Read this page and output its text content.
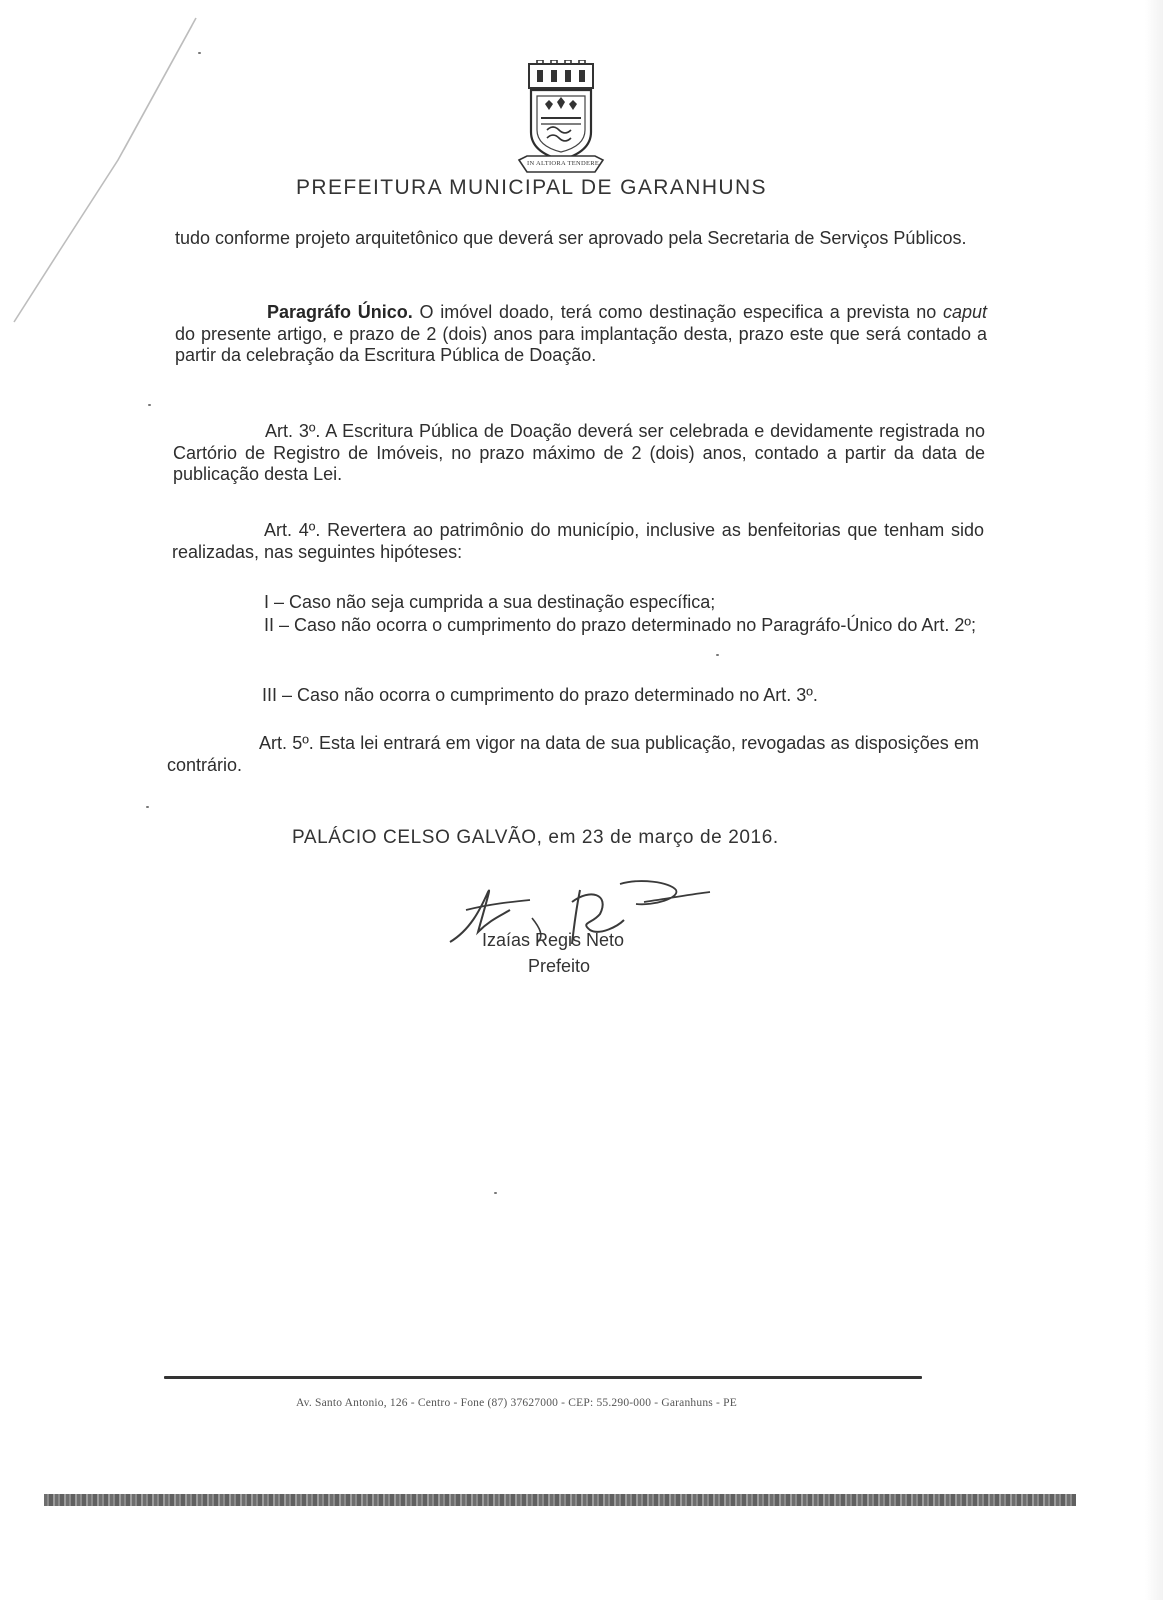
IN ALTIORA TENDERE
PREFEITURA MUNICIPAL DE GARANHUNS
tudo conforme projeto arquitetônico que deverá ser aprovado pela Secretaria de Serviços Públicos.
Paragráfo Único. O imóvel doado, terá como destinação especifica a prevista no caput do presente artigo, e prazo de 2 (dois) anos para implantação desta, prazo este que será contado a partir da celebração da Escritura Pública de Doação.
Art. 3º. A Escritura Pública de Doação deverá ser celebrada e devidamente registrada no Cartório de Registro de Imóveis, no prazo máximo de 2 (dois) anos, contado a partir da data de publicação desta Lei.
Art. 4º. Revertera ao patrimônio do município, inclusive as benfeitorias que tenham sido realizadas, nas seguintes hipóteses:
I – Caso não seja cumprida a sua destinação específica;
II – Caso não ocorra o cumprimento do prazo determinado no Paragráfo-Único do Art. 2º;
III – Caso não ocorra o cumprimento do prazo determinado no Art. 3º.
Art. 5º. Esta lei entrará em vigor na data de sua publicação, revogadas as disposições em contrário.
PALÁCIO CELSO GALVÃO, em 23 de março de 2016.
Izaías Regis Neto
Prefeito
Av. Santo Antonio, 126 - Centro - Fone (87) 37627000 - CEP: 55.290-000 - Garanhuns - PE
